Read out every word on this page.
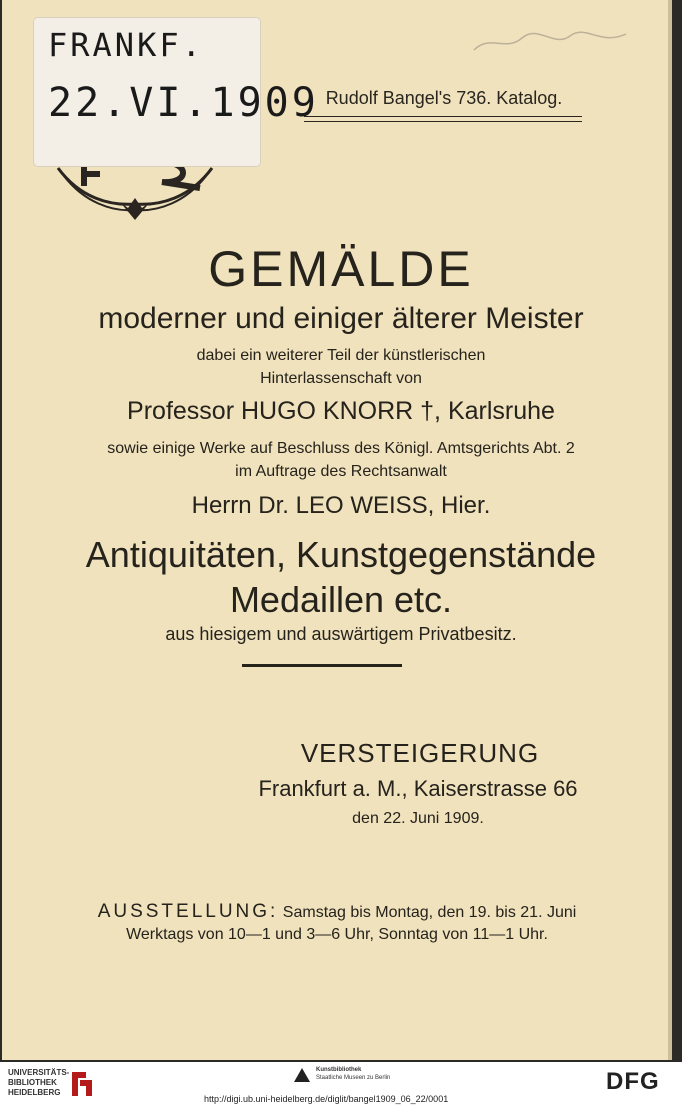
FRANKF.
22.VI.1909 Rudolf Bangel's 736. Katalog.
GEMÄLDE
moderner und einiger älterer Meister
dabei ein weiterer Teil der künstlerischen
Hinterlassenschaft von
Professor HUGO KNORR †, Karlsruhe
sowie einige Werke auf Beschluss des Königl. Amtsgerichts Abt. 2
im Auftrage des Rechtsanwalt
Herrn Dr. LEO WEISS, Hier.
Antiquitäten, Kunstgegenstände
Medaillen etc.
aus hiesigem und auswärtigem Privatbesitz.
VERSTEIGERUNG
Frankfurt a. M., Kaiserstrasse 66
den 22. Juni 1909.
AUSSTELLUNG: Samstag bis Montag, den 19. bis 21. Juni
Werktags von 10—1 und 3—6 Uhr, Sonntag von 11—1 Uhr.
UNIVERSITÄTS-
BIBLIOTHEK
HEIDELBERG
Kunstbibliothek
Staatliche Museen zu Berlin	DFG
http://digi.ub.uni-heidelberg.de/diglit/bangel1909_06_22/0001
